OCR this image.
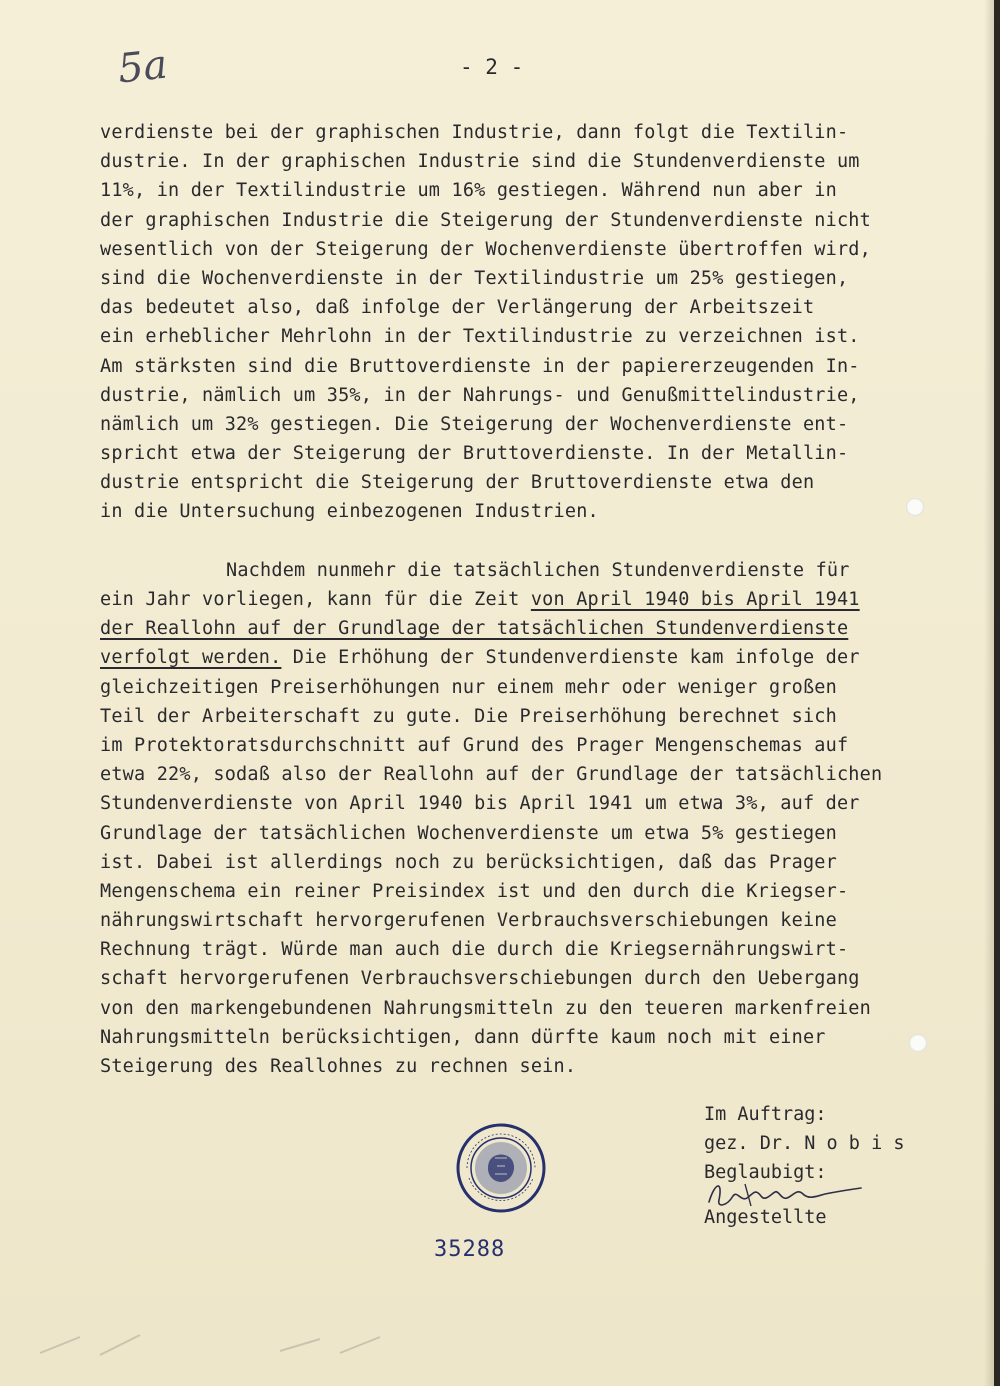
5a	- 2 -
verdienste bei der graphischen Industrie, dann folgt die Textilin-
dustrie. In der graphischen Industrie sind die Stundenverdienste um
11%, in der Textilindustrie um 16% gestiegen. Während nun aber in
der graphischen Industrie die Steigerung der Stundenverdienste nicht
wesentlich von der Steigerung der Wochenverdienste übertroffen wird,
sind die Wochenverdienste in der Textilindustrie um 25% gestiegen,
das bedeutet also, daß infolge der Verlängerung der Arbeitszeit
ein erheblicher Mehrlohn in der Textilindustrie zu verzeichnen ist.
Am stärksten sind die Bruttoverdienste in der papiererzeugenden In-
dustrie, nämlich um 35%, in der Nahrungs- und Genußmittelindustrie,
nämlich um 32% gestiegen. Die Steigerung der Wochenverdienste ent-
spricht etwa der Steigerung der Bruttoverdienste. In der Metallin-
dustrie entspricht die Steigerung der Bruttoverdienste etwa den
in die Untersuchung einbezogenen Industrien.
Nachdem nunmehr die tatsächlichen Stundenverdienste für
ein Jahr vorliegen, kann für die Zeit von April 1940 bis April 1941
der Reallohn auf der Grundlage der tatsächlichen Stundenverdienste
verfolgt werden. Die Erhöhung der Stundenverdienste kam infolge der
gleichzeitigen Preiserhöhungen nur einem mehr oder weniger großen
Teil der Arbeiterschaft zu gute. Die Preiserhöhung berechnet sich
im Protektoratsdurchschnitt auf Grund des Prager Mengenschemas auf
etwa 22%, sodaß also der Reallohn auf der Grundlage der tatsächlichen
Stundenverdienste von April 1940 bis April 1941 um etwa 3%, auf der
Grundlage der tatsächlichen Wochenverdienste um etwa 5% gestiegen
ist. Dabei ist allerdings noch zu berücksichtigen, daß das Prager
Mengenschema ein reiner Preisindex ist und den durch die Kriegser-
nährungswirtschaft hervorgerufenen Verbrauchsverschiebungen keine
Rechnung trägt. Würde man auch die durch die Kriegsernährungswirt-
schaft hervorgerufenen Verbrauchsverschiebungen durch den Uebergang
von den markengebundenen Nahrungsmitteln zu den teueren markenfreien
Nahrungsmitteln berücksichtigen, dann dürfte kaum noch mit einer
Steigerung des Reallohnes zu rechnen sein.
Im Auftrag:
gez. Dr. N o b i s
Beglaubigt:
Angestellte
35288
